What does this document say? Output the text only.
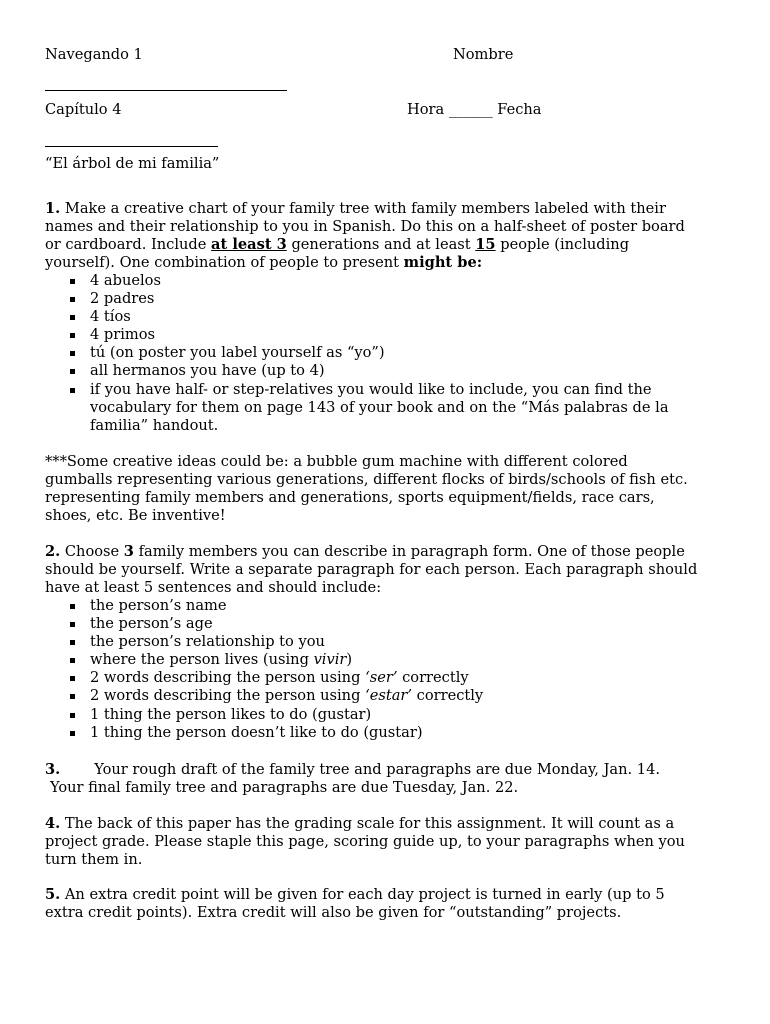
Navegando 1	Nombre
Capítulo 4	Hora ______ Fecha
“El árbol de mi familia”
1. Make a creative chart of your family tree with family members labeled with their
names and their relationship to you in Spanish. Do this on a half-sheet of poster board
or cardboard. Include at least 3 generations and at least 15 people (including
yourself). One combination of people to present might be:
4 abuelos
2 padres
4 tíos
4 primos
tú (on poster you label yourself as “yo”)
all hermanos you have (up to 4)
if you have half- or step-relatives you would like to include, you can find the
vocabulary for them on page 143 of your book and on the “Más palabras de la
familia” handout.
***Some creative ideas could be: a bubble gum machine with different colored
gumballs representing various generations, different flocks of birds/schools of fish etc.
representing family members and generations, sports equipment/fields, race cars,
shoes, etc. Be inventive!
2. Choose 3 family members you can describe in paragraph form. One of those people
should be yourself. Write a separate paragraph for each person. Each paragraph should
have at least 5 sentences and should include:
the person’s name
the person’s age
the person’s relationship to you
where the person lives (using vivir)
2 words describing the person using ‘ser’ correctly
2 words describing the person using ‘estar’ correctly
1 thing the person likes to do (gustar)
1 thing the person doesn’t like to do (gustar)
3. Your rough draft of the family tree and paragraphs are due Monday, Jan. 14.
Your final family tree and paragraphs are due Tuesday, Jan. 22.
4. The back of this paper has the grading scale for this assignment. It will count as a
project grade. Please staple this page, scoring guide up, to your paragraphs when you
turn them in.
5. An extra credit point will be given for each day project is turned in early (up to 5
extra credit points). Extra credit will also be given for “outstanding” projects.
